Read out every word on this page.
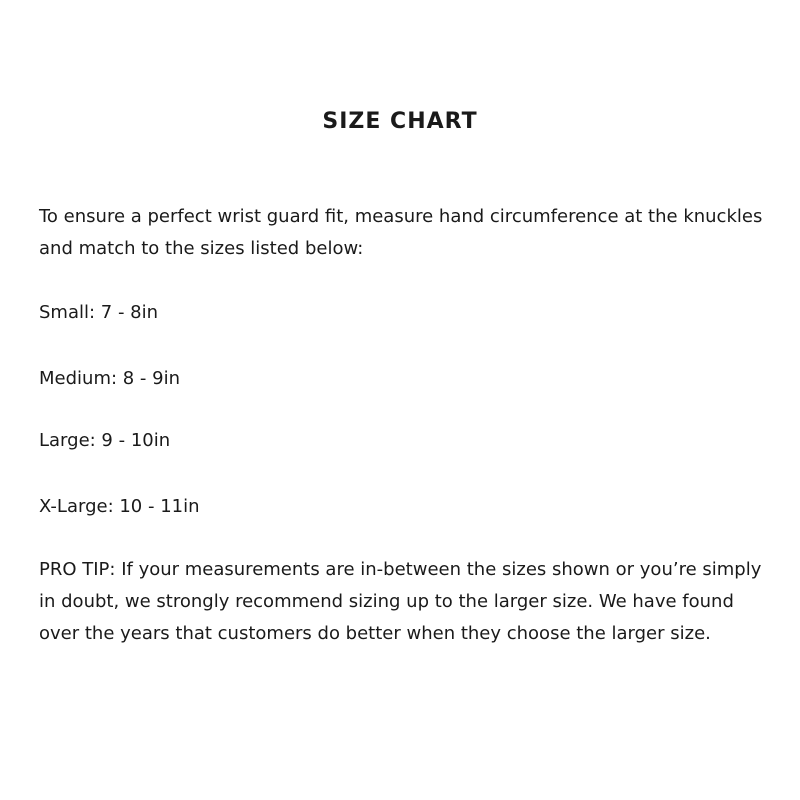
SIZE CHART

To ensure a perfect wrist guard fit, measure hand circumference at the knuckles and match to the sizes listed below:

Small: 7 - 8in

Medium: 8 - 9in

Large: 9 - 10in

X-Large: 10 - 11in

PRO TIP: If your measurements are in-between the sizes shown or you’re simply in doubt, we strongly recommend sizing up to the larger size. We have found over the years that customers do better when they choose the larger size.
